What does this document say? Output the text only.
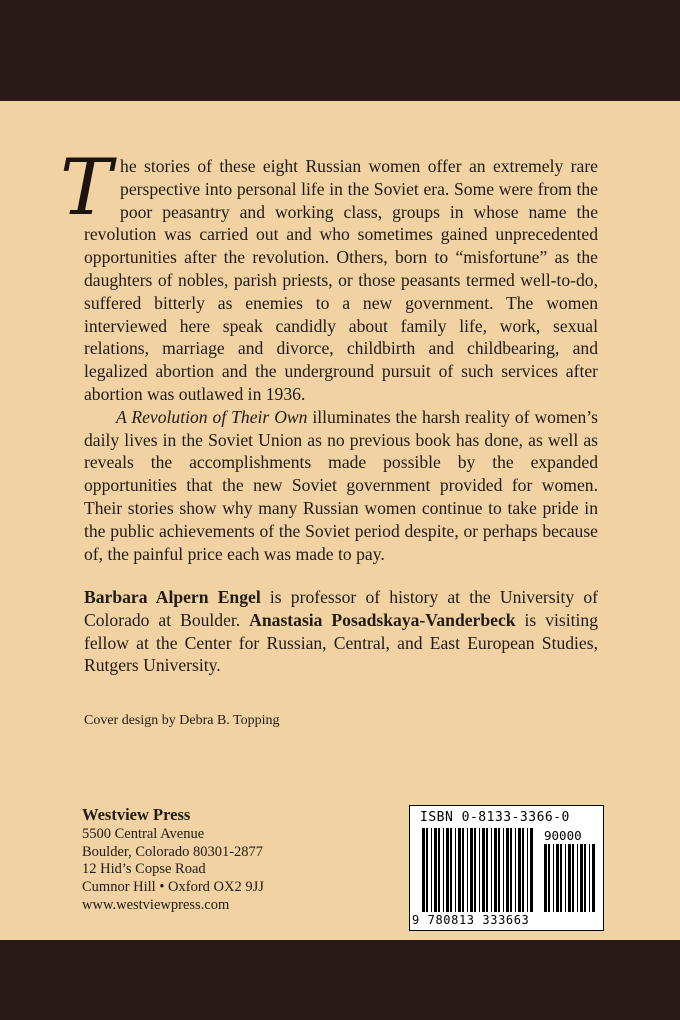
The stories of these eight Russian women offer an extremely rare perspective into personal life in the Soviet era. Some were from the poor peasantry and working class, groups in whose name the revolution was carried out and who sometimes gained unprecedented opportunities after the revolution. Others, born to “misfortune” as the daughters of nobles, parish priests, or those peasants termed well-to-do, suffered bitterly as enemies to a new government. The women interviewed here speak candidly about family life, work, sexual relations, marriage and divorce, childbirth and childbearing, and legalized abortion and the underground pursuit of such services after abortion was outlawed in 1936.

A Revolution of Their Own illuminates the harsh reality of women’s daily lives in the Soviet Union as no previous book has done, as well as reveals the accomplishments made possible by the expanded opportunities that the new Soviet government provided for women. Their stories show why many Russian women continue to take pride in the public achievements of the Soviet period despite, or perhaps because of, the painful price each was made to pay.

Barbara Alpern Engel is professor of history at the University of Colorado at Boulder. Anastasia Posadskaya-Vanderbeck is visiting fellow at the Center for Russian, Central, and East European Studies, Rutgers University.

Cover design by Debra B. Topping

Westview Press
5500 Central Avenue
Boulder, Colorado 80301-2877
12 Hid’s Copse Road
Cumnor Hill • Oxford OX2 9JJ
www.westviewpress.com
ISBN 0-8133-3366-0
90000
9 780813 333663
